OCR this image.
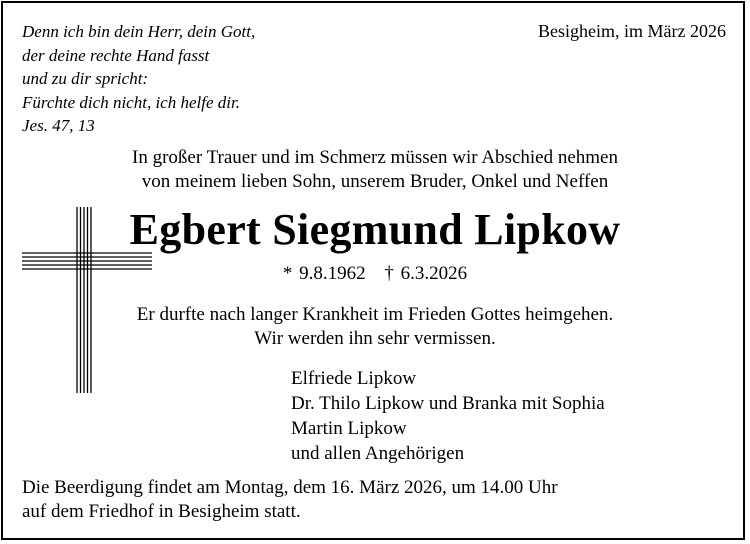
Denn ich bin dein Herr, dein Gott,
der deine rechte Hand fasst
und zu dir spricht:
Fürchte dich nicht, ich helfe dir.
Jes. 47, 13
Besigheim, im März 2026
In großer Trauer und im Schmerz müssen wir Abschied nehmen
von meinem lieben Sohn, unserem Bruder, Onkel und Neffen
Egbert Siegmund Lipkow
* 9.8.1962 † 6.3.2026
Er durfte nach langer Krankheit im Frieden Gottes heimgehen.
Wir werden ihn sehr vermissen.
Elfriede Lipkow
Dr. Thilo Lipkow und Branka mit Sophia
Martin Lipkow
und allen Angehörigen
Die Beerdigung findet am Montag, dem 16. März 2026, um 14.00 Uhr
auf dem Friedhof in Besigheim statt.
